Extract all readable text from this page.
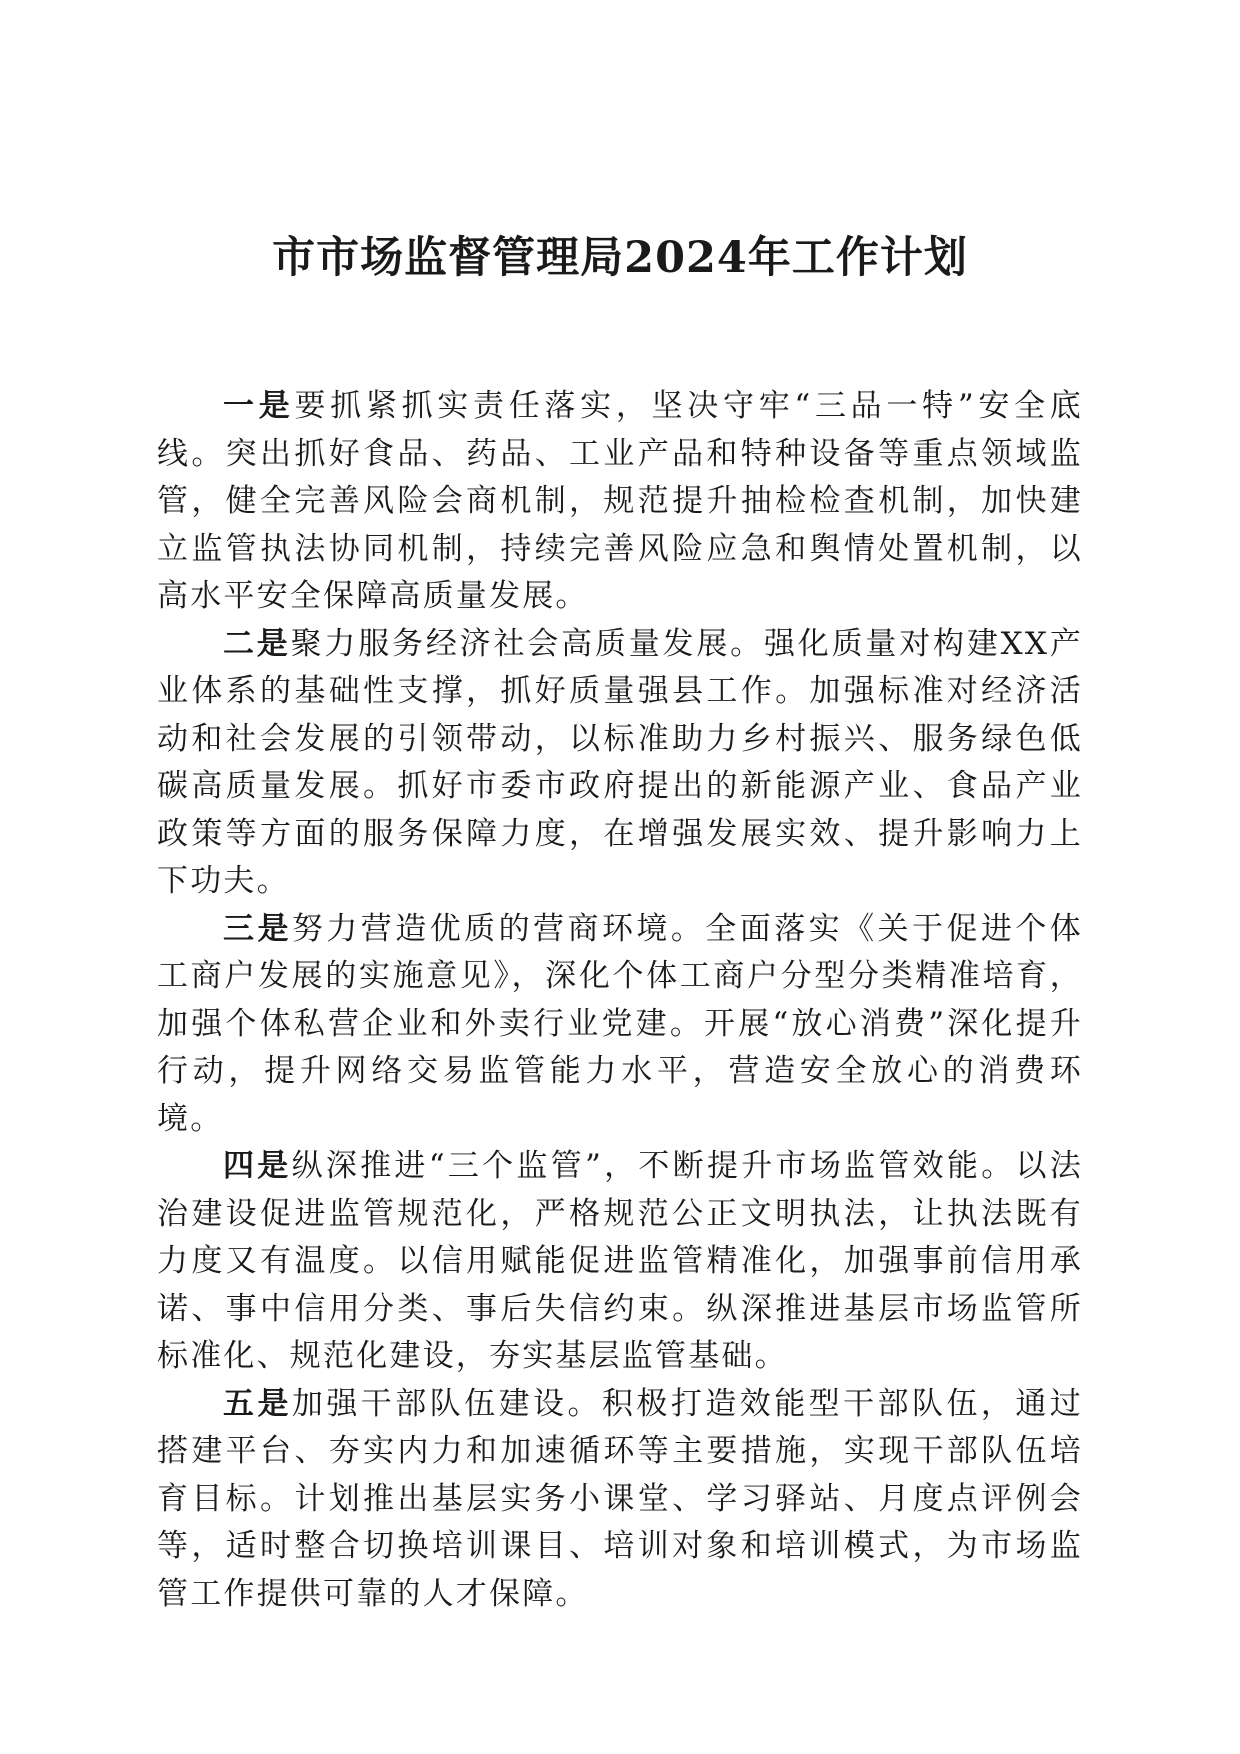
市市场监督管理局2024年工作计划

一是要抓紧抓实责任落实，坚决守牢“三品一特”安全底线。突出抓好食品、药品、工业产品和特种设备等重点领域监管，健全完善风险会商机制，规范提升抽检检查机制，加快建立监管执法协同机制，持续完善风险应急和舆情处置机制，以高水平安全保障高质量发展。

二是聚力服务经济社会高质量发展。强化质量对构建XX产业体系的基础性支撑，抓好质量强县工作。加强标准对经济活动和社会发展的引领带动，以标准助力乡村振兴、服务绿色低碳高质量发展。抓好市委市政府提出的新能源产业、食品产业政策等方面的服务保障力度，在增强发展实效、提升影响力上下功夫。

三是努力营造优质的营商环境。全面落实《关于促进个体工商户发展的实施意见》，深化个体工商户分型分类精准培育，加强个体私营企业和外卖行业党建。开展“放心消费”深化提升行动，提升网络交易监管能力水平，营造安全放心的消费环境。

四是纵深推进“三个监管”，不断提升市场监管效能。以法治建设促进监管规范化，严格规范公正文明执法，让执法既有力度又有温度。以信用赋能促进监管精准化，加强事前信用承诺、事中信用分类、事后失信约束。纵深推进基层市场监管所标准化、规范化建设，夯实基层监管基础。

五是加强干部队伍建设。积极打造效能型干部队伍，通过搭建平台、夯实内力和加速循环等主要措施，实现干部队伍培育目标。计划推出基层实务小课堂、学习驿站、月度点评例会等，适时整合切换培训课目、培训对象和培训模式，为市场监管工作提供可靠的人才保障。
